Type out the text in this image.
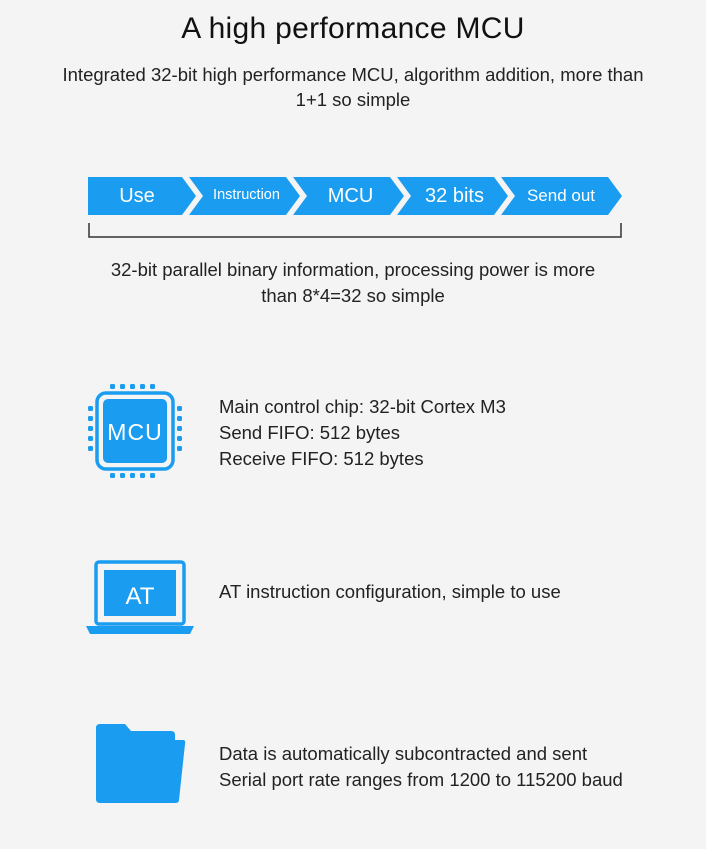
A high performance MCU
Integrated 32-bit high performance MCU, algorithm addition, more than
1+1 so simple
Use	Instruction	MCU	32 bits	Send out
32-bit parallel binary information, processing power is more
than 8*4=32 so simple
MCU
Main control chip: 32-bit Cortex M3
Send FIFO: 512 bytes
Receive FIFO: 512 bytes
AT	AT instruction configuration, simple to use
Data is automatically subcontracted and sent
Serial port rate ranges from 1200 to 115200 baud
